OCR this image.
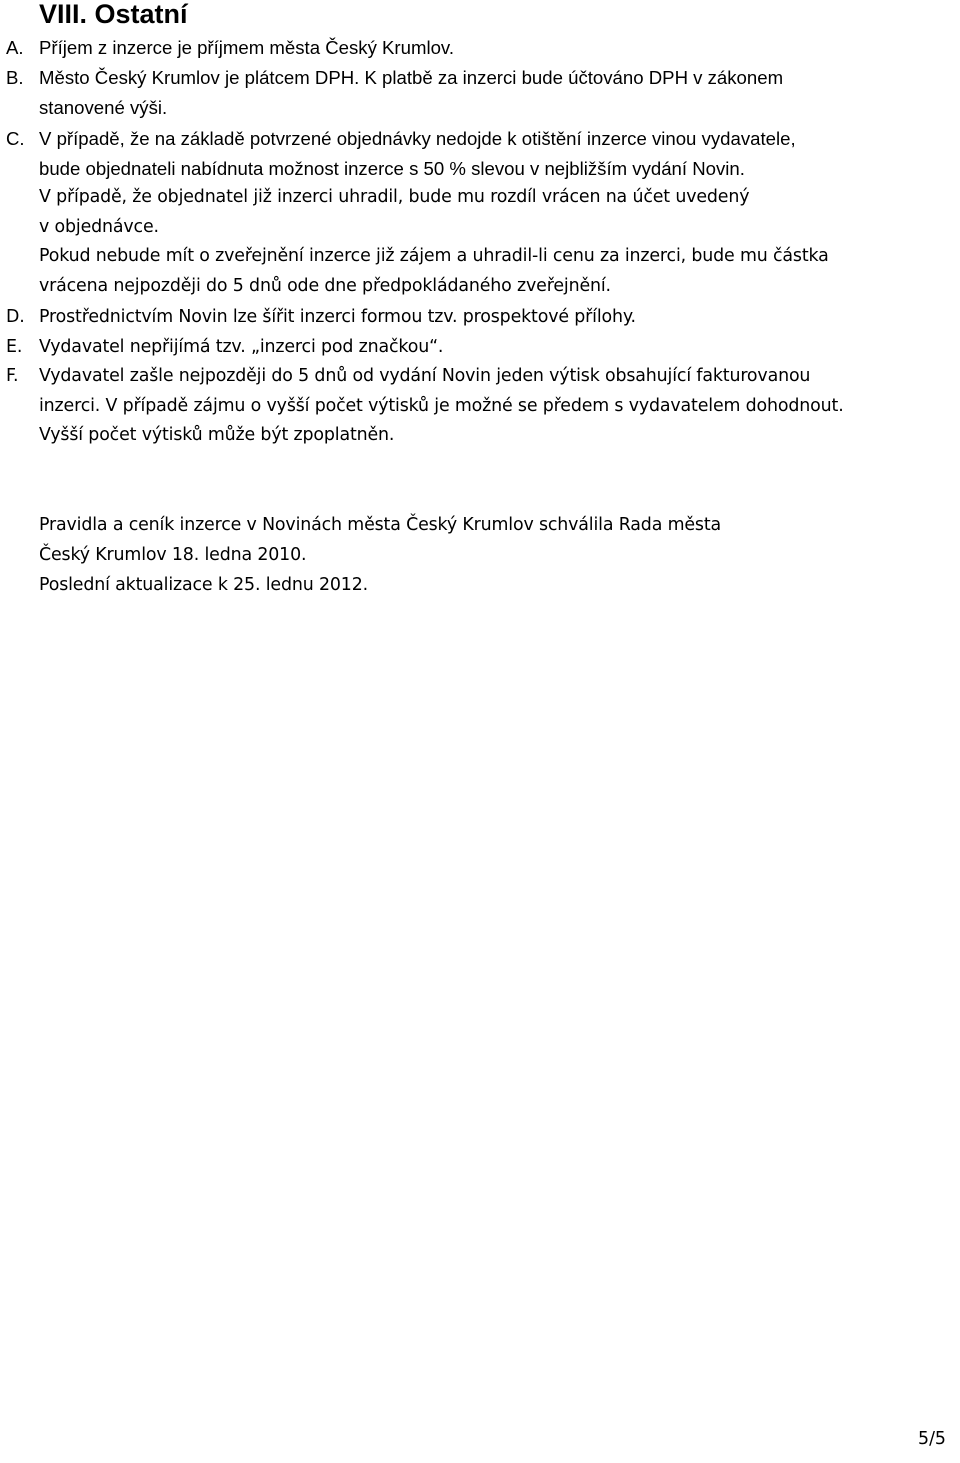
VIII. Ostatní
A. Příjem z inzerce je příjmem města Český Krumlov.
B. Město Český Krumlov je plátcem DPH. K platbě za inzerci bude účtováno DPH v zákonem
stanovené výši.
C. V případě, že na základě potvrzené objednávky nedojde k otištění inzerce vinou vydavatele,
bude objednateli nabídnuta možnost inzerce s 50 % slevou v nejbližším vydání Novin.
V případě, že objednatel již inzerci uhradil, bude mu rozdíl vrácen na účet uvedený
v objednávce.
Pokud nebude mít o zveřejnění inzerce již zájem a uhradil-li cenu za inzerci, bude mu částka
vrácena nejpozději do 5 dnů ode dne předpokládaného zveřejnění.
D. Prostřednictvím Novin lze šířit inzerci formou tzv. prospektové přílohy.
E. Vydavatel nepřijímá tzv. „inzerci pod značkou“.
F. Vydavatel zašle nejpozději do 5 dnů od vydání Novin jeden výtisk obsahující fakturovanou
inzerci. V případě zájmu o vyšší počet výtisků je možné se předem s vydavatelem dohodnout.
Vyšší počet výtisků může být zpoplatněn.
Pravidla a ceník inzerce v Novinách města Český Krumlov schválila Rada města
Český Krumlov 18. ledna 2010.
Poslední aktualizace k 25. lednu 2012.
5/5
